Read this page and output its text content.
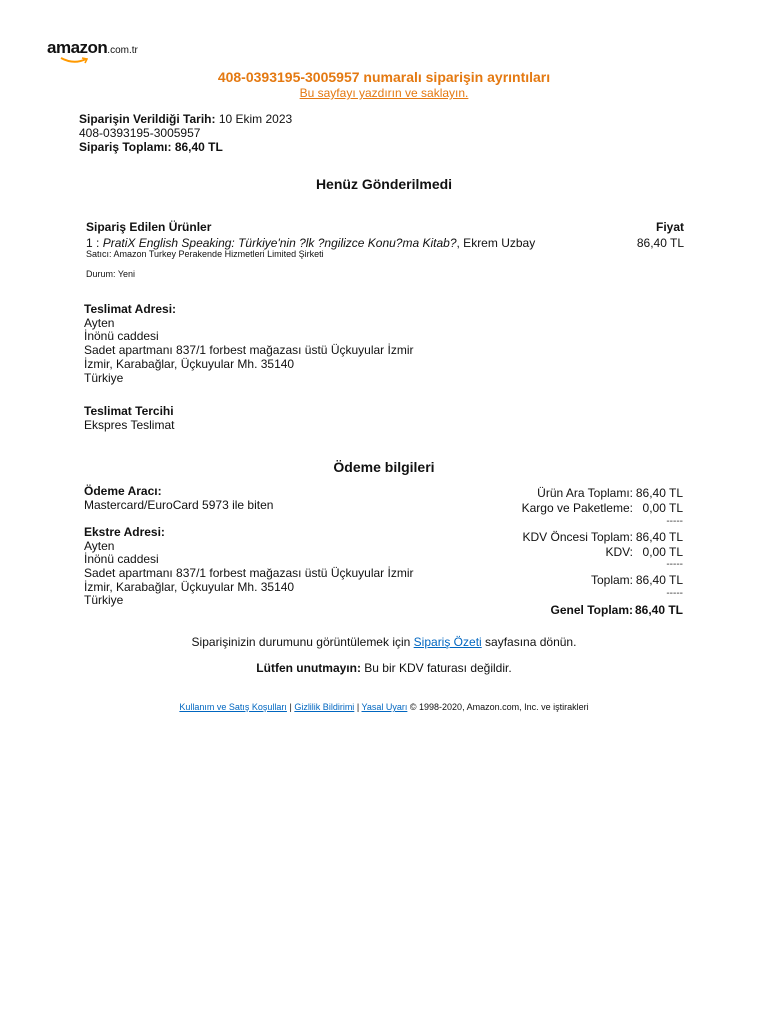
amazon.com.tr
408-0393195-3005957 numaralı siparişin ayrıntıları
Bu sayfayı yazdırın ve saklayın.
Siparişin Verildiği Tarih: 10 Ekim 2023
408-0393195-3005957
Sipariş Toplamı: 86,40 TL
Henüz Gönderilmedi
Sipariş Edilen Ürünler	Fiyat
1 : PratiX English Speaking: Türkiye'nin ?lk ?ngilizce Konu?ma Kitab?, Ekrem Uzbay	86,40 TL
Satıcı: Amazon Turkey Perakende Hizmetleri Limited Şirketi
Durum: Yeni
Teslimat Adresi:
Ayten
İnönü caddesi
Sadet apartmanı 837/1 forbest mağazası üstü Üçkuyular İzmir
İzmir, Karabağlar, Üçkuyular Mh. 35140
Türkiye
Teslimat Tercihi
Ekspres Teslimat
Ödeme bilgileri
Ödeme Aracı:
Mastercard/EuroCard 5973 ile biten
Ekstre Adresi:
Ayten
İnönü caddesi
Sadet apartmanı 837/1 forbest mağazası üstü Üçkuyular İzmir
İzmir, Karabağlar, Üçkuyular Mh. 35140
Türkiye
Ürün Ara Toplamı: 86,40 TL
Kargo ve Paketleme: 0,00 TL
-----
KDV Öncesi Toplam: 86,40 TL
KDV: 0,00 TL
-----
Toplam: 86,40 TL
-----
Genel Toplam: 86,40 TL
Siparişinizin durumunu görüntülemek için Sipariş Özeti sayfasına dönün.
Lütfen unutmayın: Bu bir KDV faturası değildir.
Kullanım ve Satış Koşulları | Gizlilik Bildirimi | Yasal Uyarı © 1998-2020, Amazon.com, Inc. ve iştirakleri
